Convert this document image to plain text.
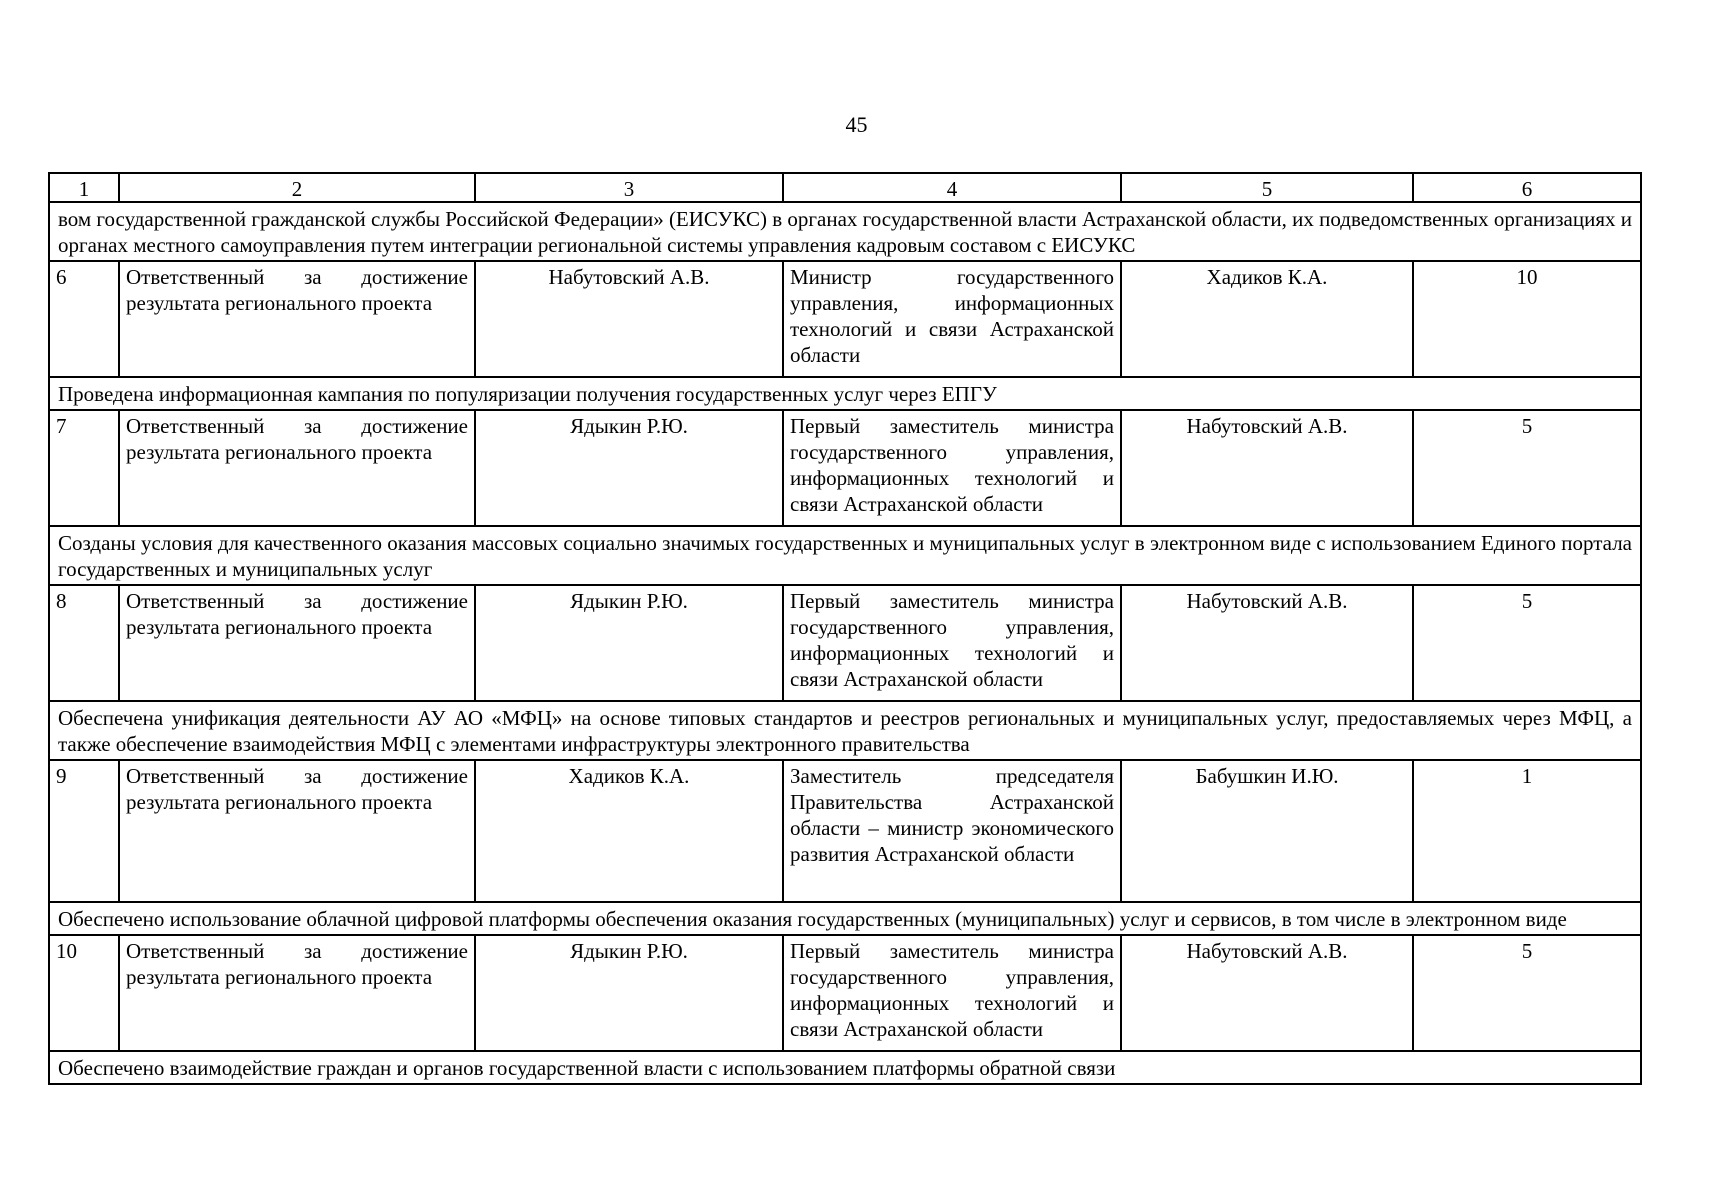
45
1	2	3	4	5	6
вом государственной гражданской службы Российской Федерации» (ЕИСУКС) в органах государственной власти Астраханской области, их подведомственных организациях и органах местного самоуправления путем интеграции региональной системы управления кадровым составом с ЕИСУКС					
6	Ответственный за достижение результата регионального проекта	Набутовский А.В.	Министр государственного управления, информационных технологий и связи Астраханской области	Хадиков К.А.	10
Проведена информационная кампания по популяризации получения государственных услуг через ЕПГУ					
7	Ответственный за достижение результата регионального проекта	Ядыкин Р.Ю.	Первый заместитель министра государственного управления, информационных технологий и связи Астраханской области	Набутовский А.В.	5
Созданы условия для качественного оказания массовых социально значимых государственных и муниципальных услуг в электронном виде с использованием Единого портала государственных и муниципальных услуг					
8	Ответственный за достижение результата регионального проекта	Ядыкин Р.Ю.	Первый заместитель министра государственного управления, информационных технологий и связи Астраханской области	Набутовский А.В.	5
Обеспечена унификация деятельности АУ АО «МФЦ» на основе типовых стандартов и реестров региональных и муниципальных услуг, предоставляемых через МФЦ, а также обеспечение взаимодействия МФЦ с элементами инфраструктуры электронного правительства					
9	Ответственный за достижение результата регионального проекта	Хадиков К.А.	Заместитель председателя Правительства Астраханской области – министр экономического развития Астраханской области	Бабушкин И.Ю.	1
Обеспечено использование облачной цифровой платформы обеспечения оказания государственных (муниципальных) услуг и сервисов, в том числе в электронном виде					
10	Ответственный за достижение результата регионального проекта	Ядыкин Р.Ю.	Первый заместитель министра государственного управления, информационных технологий и связи Астраханской области	Набутовский А.В.	5
Обеспечено взаимодействие граждан и органов государственной власти с использованием платформы обратной связи					
